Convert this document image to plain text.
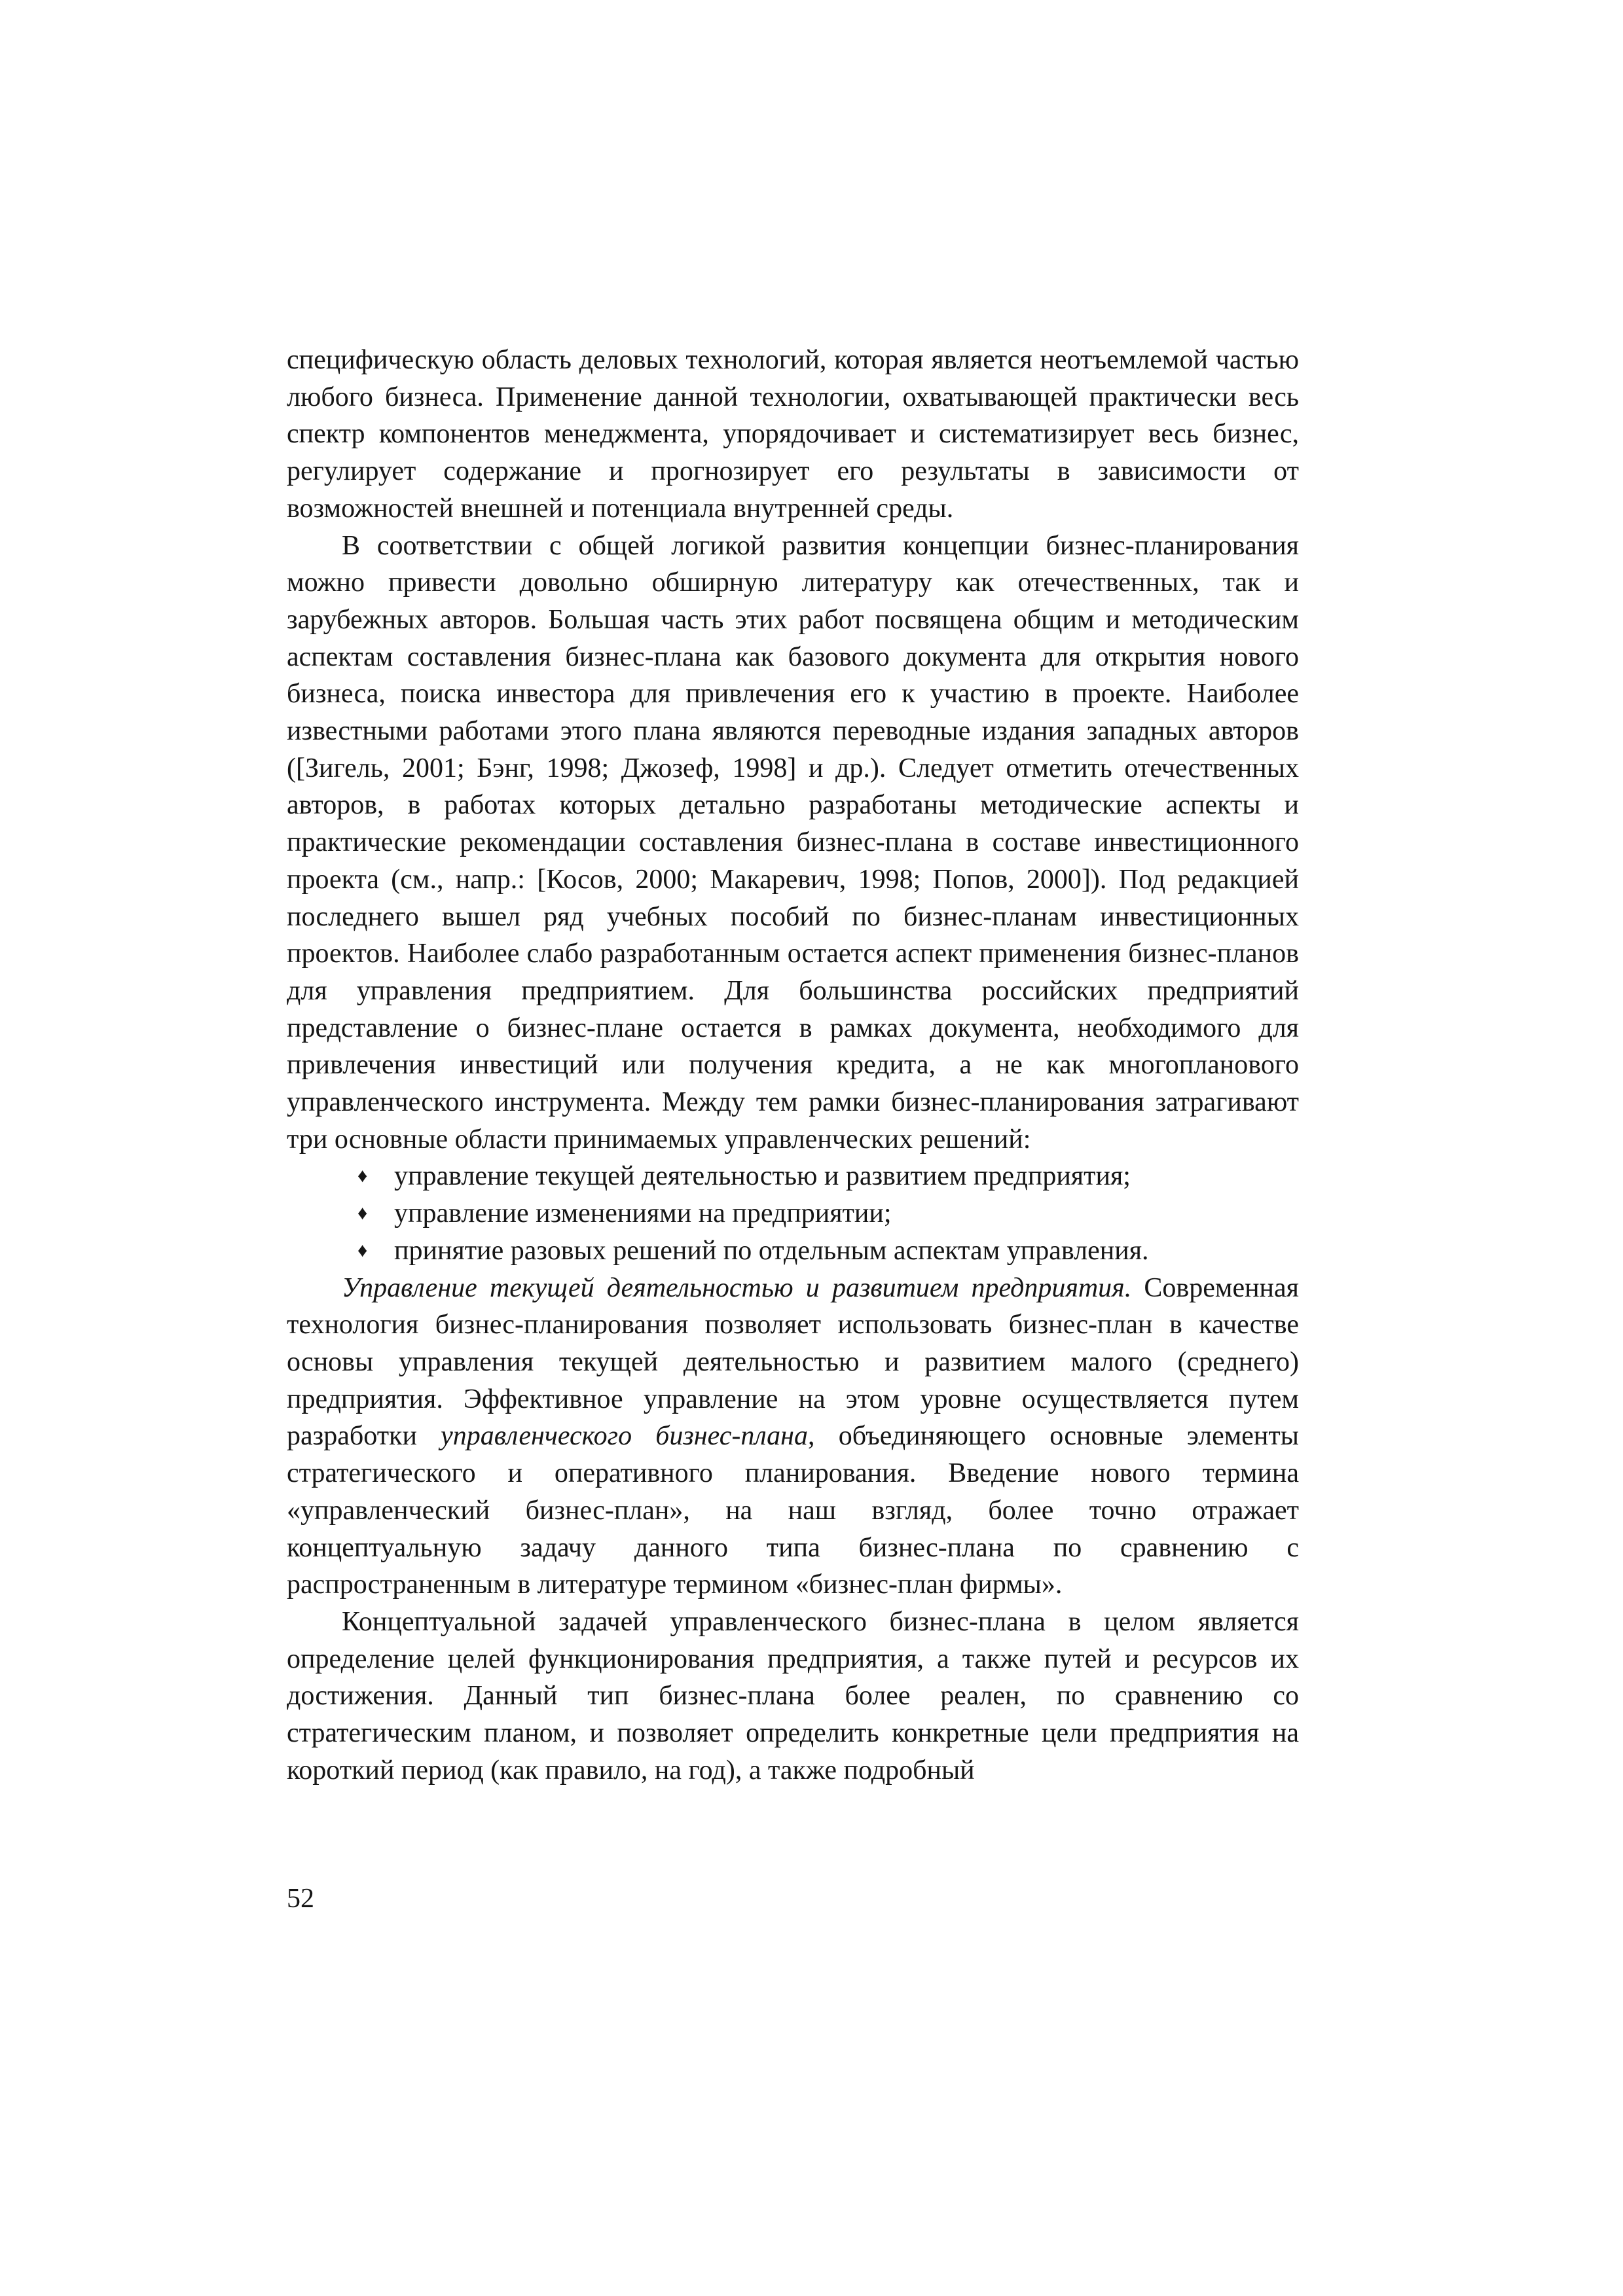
специфическую область деловых технологий, которая является неотъемлемой частью любого бизнеса. Применение данной технологии, охватывающей практически весь спектр компонентов менеджмента, упорядочивает и систематизирует весь бизнес, регулирует содержание и прогнозирует его результаты в зависимости от возможностей внешней и потенциала внутренней среды.

В соответствии с общей логикой развития концепции бизнес-планирования можно привести довольно обширную литературу как отечественных, так и зарубежных авторов. Большая часть этих работ посвящена общим и методическим аспектам составления бизнес-плана как базового документа для открытия нового бизнеса, поиска инвестора для привлечения его к участию в проекте. Наиболее известными работами этого плана являются переводные издания западных авторов ([Зигель, 2001; Бэнг, 1998; Джозеф, 1998] и др.). Следует отметить отечественных авторов, в работах которых детально разработаны методические аспекты и практические рекомендации составления бизнес-плана в составе инвестиционного проекта (см., напр.: [Косов, 2000; Макаревич, 1998; Попов, 2000]). Под редакцией последнего вышел ряд учебных пособий по бизнес-планам инвестиционных проектов. Наиболее слабо разработанным остается аспект применения бизнес-планов для управления предприятием. Для большинства российских предприятий представление о бизнес-плане остается в рамках документа, необходимого для привлечения инвестиций или получения кредита, а не как многопланового управленческого инструмента. Между тем рамки бизнес-планирования затрагивают три основные области принимаемых управленческих решений:

♦ управление текущей деятельностью и развитием предприятия;
♦ управление изменениями на предприятии;
♦ принятие разовых решений по отдельным аспектам управления.

Управление текущей деятельностью и развитием предприятия. Современная технология бизнес-планирования позволяет использовать бизнес-план в качестве основы управления текущей деятельностью и развитием малого (среднего) предприятия. Эффективное управление на этом уровне осуществляется путем разработки управленческого бизнес-плана, объединяющего основные элементы стратегического и оперативного планирования. Введение нового термина «управленческий бизнес-план», на наш взгляд, более точно отражает концептуальную задачу данного типа бизнес-плана по сравнению с распространенным в литературе термином «бизнес-план фирмы».

Концептуальной задачей управленческого бизнес-плана в целом является определение целей функционирования предприятия, а также путей и ресурсов их достижения. Данный тип бизнес-плана более реален, по сравнению со стратегическим планом, и позволяет определить конкретные цели предприятия на короткий период (как правило, на год), а также подробный

52
